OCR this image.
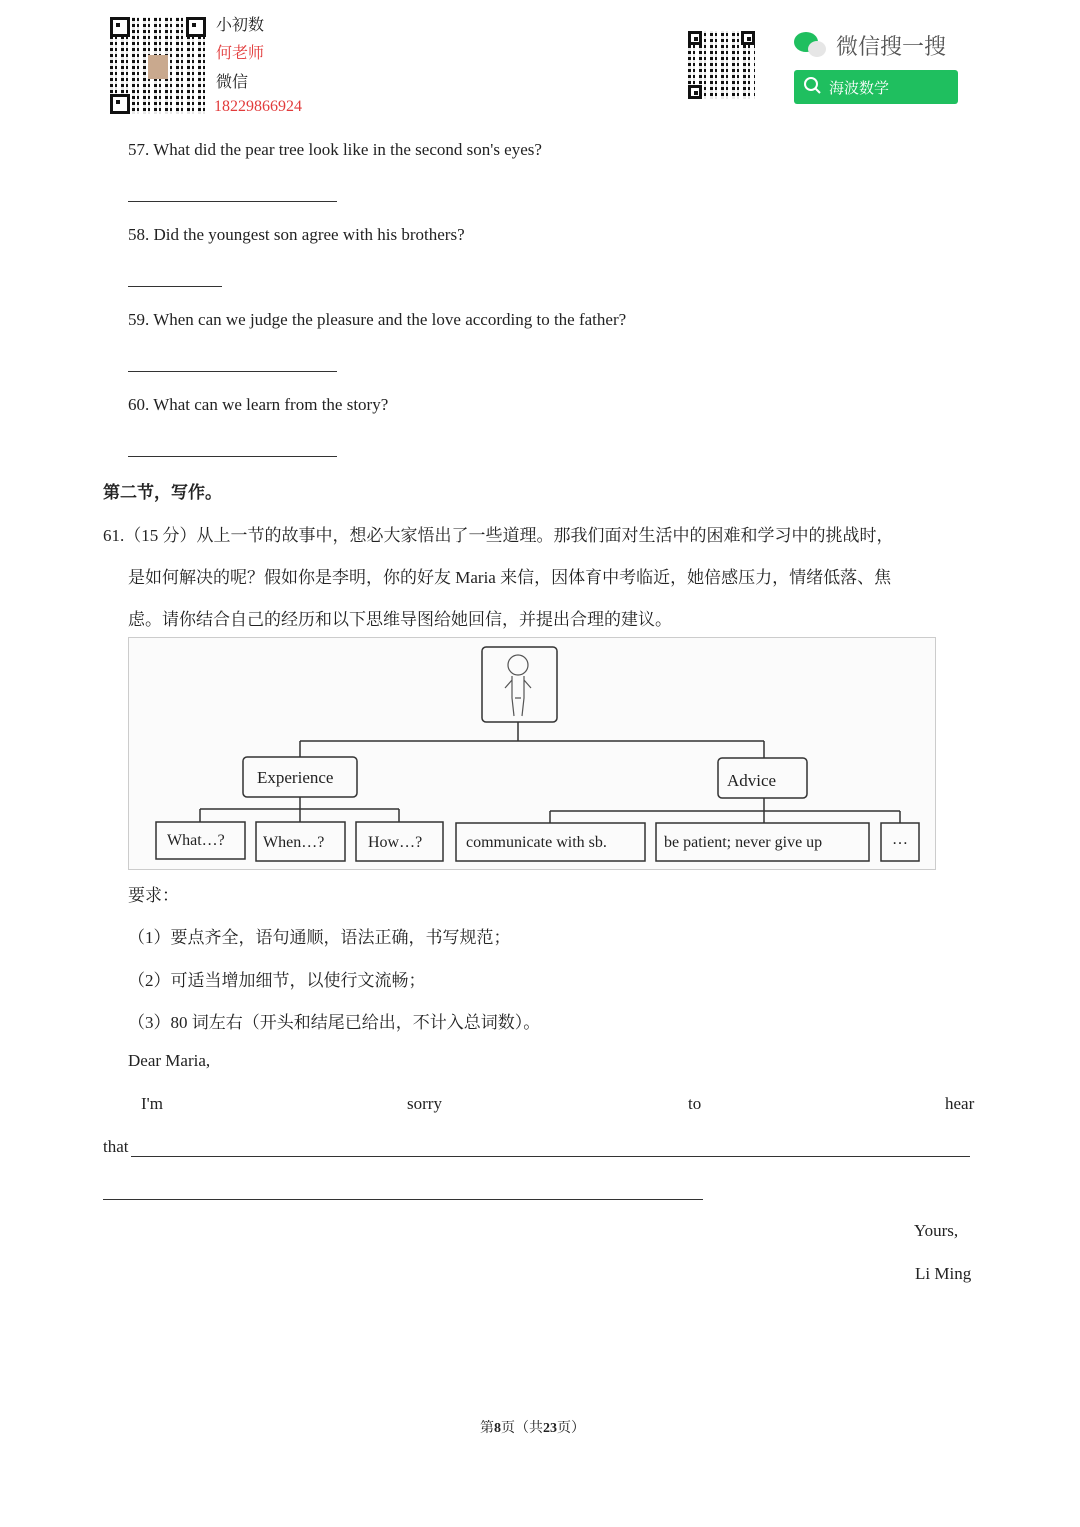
小初数
何老师
微信
18229866924
微信搜一搜
海波数学
57. What did the pear tree look like in the second son's eyes?
58. Did the youngest son agree with his brothers?
59. When can we judge the pleasure and the love according to the father?
60. What can we learn from the story?
第二节，写作。
61.（15 分）从上一节的故事中，想必大家悟出了一些道理。那我们面对生活中的困难和学习中的挑战时，
是如何解决的呢？假如你是李明，你的好友 Maria 来信，因体育中考临近，她倍感压力，情绪低落、焦
虑。请你结合自己的经历和以下思维导图给她回信，并提出合理的建议。
Experience	Advice
What…? When…?	How…?	communicate with sb.	be patient; never give up	…
要求：
（1）要点齐全，语句通顺，语法正确，书写规范；
（2）可适当增加细节，以使行文流畅；
（3）80 词左右（开头和结尾已给出，不计入总词数）。
Dear Maria,
I'm	sorry	to	hear
that
Yours,
Li Ming
第8页（共23页）
